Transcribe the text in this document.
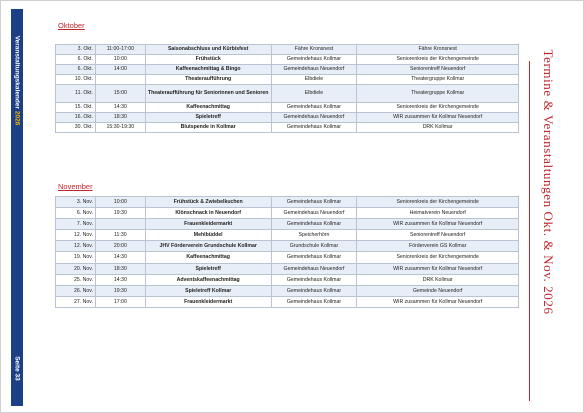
Veranstaltungskalender 2026
Seite 33
Oktober
3. Okt.	11:00-17:00	Saisonabschluss und Kürbisfest	Fähre Kronsnest	Fähre Kronsnest
6. Okt.	10:00	Frühstück	Gemeindehaus Kollmar	Seniorenkreis der Kirchengemeinde
6. Okt.	14:00	Kaffeenachmittag & Bingo	Gemeindehaus Neuendorf	Seniorentreff Neuendorf
10. Okt.		Theateraufführung	Elbdiele	Theatergruppe Kollmar
11. Okt.	15:00	Theateraufführung für Seniorinnen und Senioren	Elbdiele	Theatergruppe Kollmar
15. Okt.	14:30	Kaffeenachmittag	Gemeindehaus Kollmar	Seniorenkreis der Kirchengemeinde
16. Okt.	18:30	Spieletreff	Gemeindehaus Neuendorf	WIR zusammen für Kollmar Neuendorf
30. Okt.	15:30-19:30	Blutspende in Kollmar	Gemeindehaus Kollmar	DRK Kollmar
November
3. Nov.	10:00	Frühstück & Zwiebelkuchen	Gemeindehaus Kollmar	Seniorenkreis der Kirchengemeinde
6. Nov.	19:30	Klönschnack in Neuendorf	Gemeindehaus Neuendorf	Heimatverein Neuendorf
7. Nov.		Frauenkleidermarkt	Gemeindehaus Kollmar	WIR zusammen für Kollmar Neuendorf
12. Nov.	11:30	Mehlbüddel	Speicherhörn	Seniorentreff Neuendorf
12. Nov.	20:00	JHV Förderverein Grundschule Kollmar	Grundschule Kollmar	Förderverein GS Kollmar
19. Nov.	14:30	Kaffeenachmittag	Gemeindehaus Kollmar	Seniorenkreis der Kirchengemeinde
20. Nov.	18:30	Spieletreff	Gemeindehaus Neuendorf	WIR zusammen für Kollmar Neuendorf
25. Nov.	14:30	Adventskaffeenachmittag	Gemeindehaus Kollmar	DRK Kollmar
26. Nov.	19:30	Spieletreff Kollmar	Gemeindehaus Kollmar	Gemeinde Neuendorf
27. Nov.	17:00	Frauenkleidermarkt	Gemeindehaus Kollmar	WIR zusammen für Kollmar Neuendorf	Termine & Veranstaltungen Okt. & Nov. 2026
